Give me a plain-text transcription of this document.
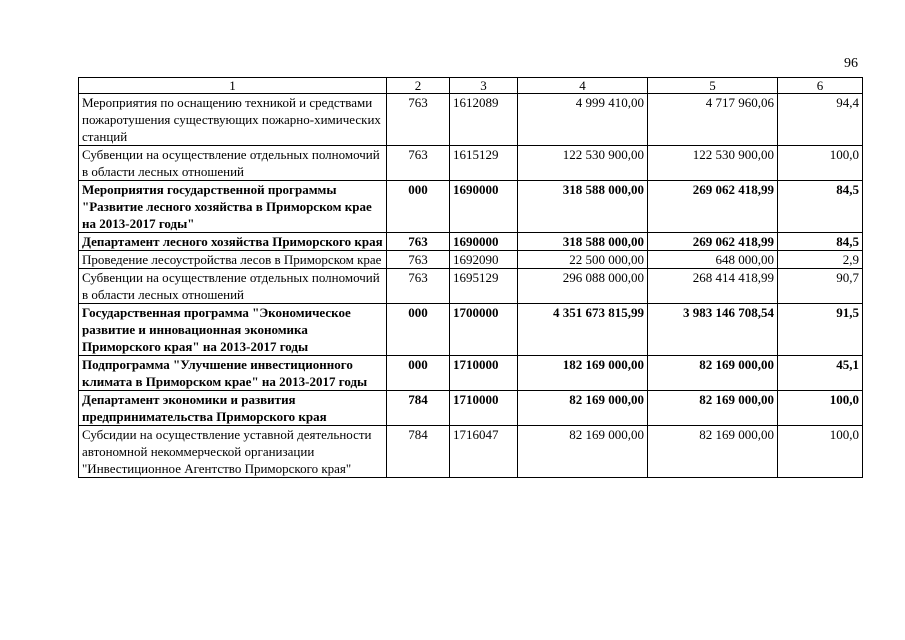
96
1	2	3	4	5	6
Мероприятия по оснащению техникой и средствами пожаротушения существующих пожарно-химических станций	763	1612089	4 999 410,00	4 717 960,06	94,4
Субвенции на осуществление отдельных полномочий в области лесных отношений	763	1615129	122 530 900,00	122 530 900,00	100,0
Мероприятия государственной программы "Развитие лесного хозяйства в Приморском крае на 2013-2017 годы"	000	1690000	318 588 000,00	269 062 418,99	84,5
Департамент лесного хозяйства Приморского края	763	1690000	318 588 000,00	269 062 418,99	84,5
Проведение лесоустройства лесов в Приморском крае	763	1692090	22 500 000,00	648 000,00	2,9
Субвенции на осуществление отдельных полномочий в области лесных отношений	763	1695129	296 088 000,00	268 414 418,99	90,7
Государственная программа "Экономическое развитие и инновационная экономика Приморского края" на 2013-2017 годы	000	1700000	4 351 673 815,99	3 983 146 708,54	91,5
Подпрограмма "Улучшение инвестиционного климата в Приморском крае" на 2013-2017 годы	000	1710000	182 169 000,00	82 169 000,00	45,1
Департамент экономики и развития предпринимательства Приморского края	784	1710000	82 169 000,00	82 169 000,00	100,0
Субсидии на осуществление уставной деятельности автономной некоммерческой организации "Инвестиционное Агентство Приморского края"	784	1716047	82 169 000,00	82 169 000,00	100,0
